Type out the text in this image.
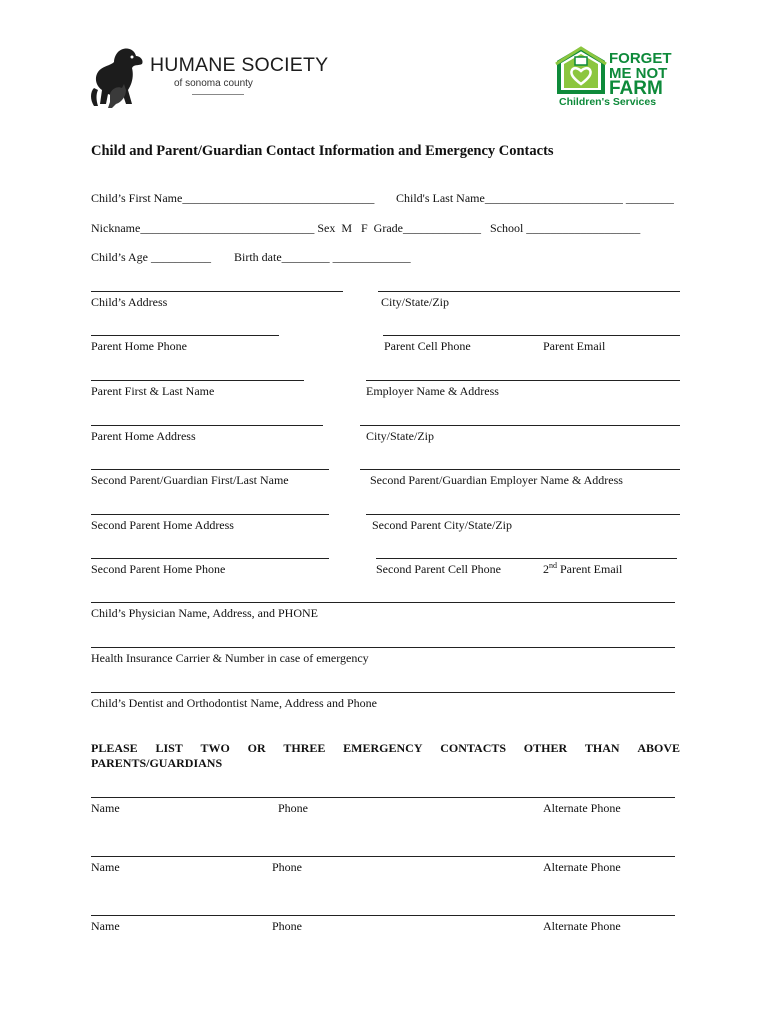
HUMANE SOCIETY
of sonoma county
FORGET
ME NOT
FARM
Children's Services
Child and Parent/Guardian Contact Information and Emergency Contacts
Child’s First Name________________________________ Child's Last Name_______________________ ________
Nickname_____________________________ Sex  M   F  Grade_____________   School ___________________
Child’s Age __________ Birth date________ _____________
Child’s Address	City/State/Zip
Parent Home Phone	Parent Cell Phone	Parent Email
Parent First & Last Name	Employer Name & Address
Parent Home Address	City/State/Zip
Second Parent/Guardian First/Last Name	Second Parent/Guardian Employer Name & Address
Second Parent Home Address	Second Parent City/State/Zip
Second Parent Home Phone	Second Parent Cell Phone	2nd Parent Email
Child’s Physician Name, Address, and PHONE
Health Insurance Carrier & Number in case of emergency
Child’s Dentist and Orthodontist Name, Address and Phone
PLEASE LIST TWO OR THREE EMERGENCY CONTACTS OTHER THAN ABOVE
PARENTS/GUARDIANS
Name	Phone	Alternate Phone
Name	Phone	Alternate Phone
Name	Phone	Alternate Phone
